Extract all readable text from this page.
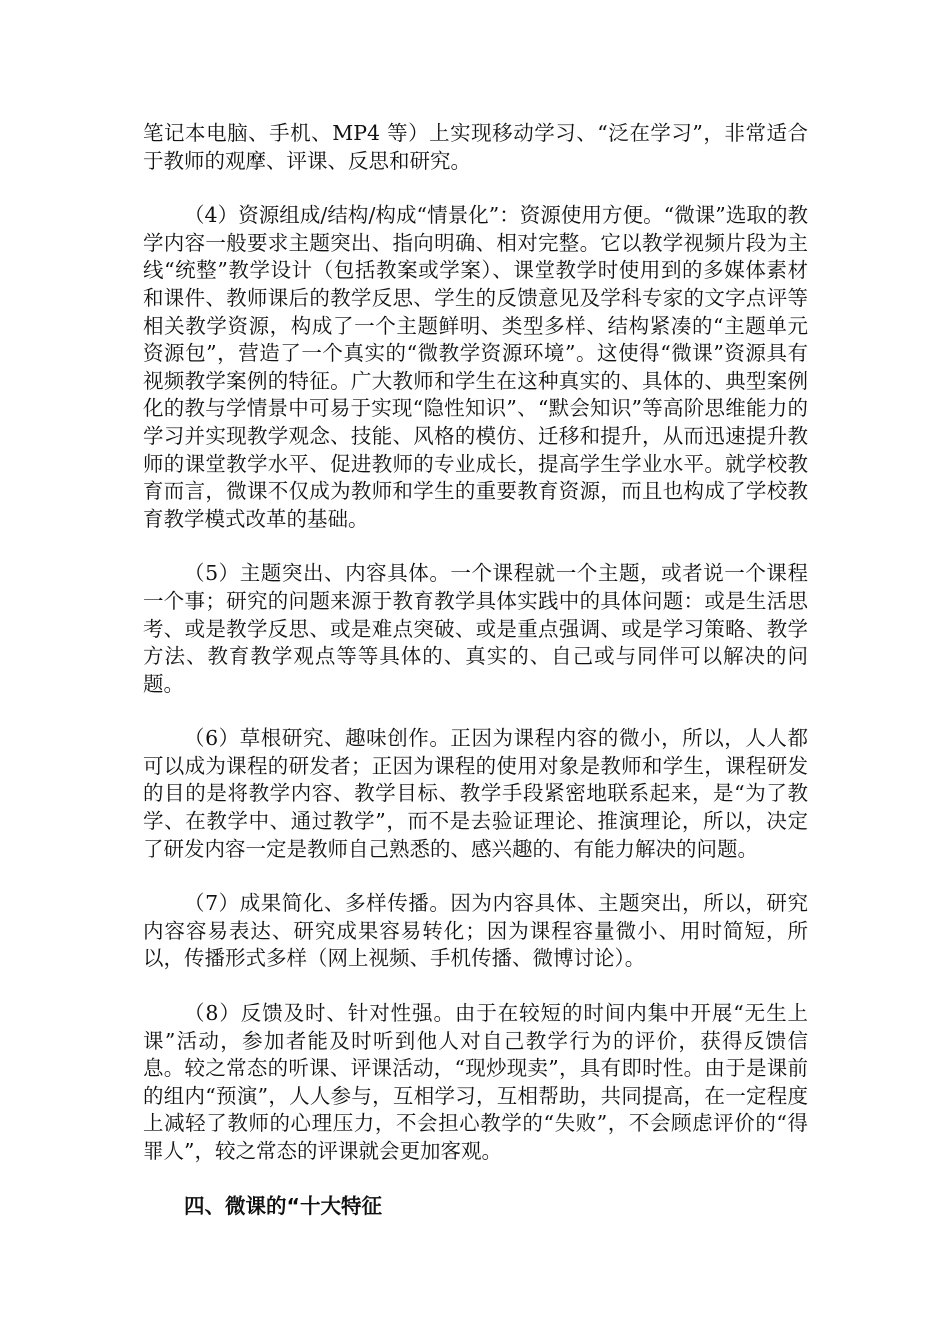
笔记本电脑、手机、MP4 等）上实现移动学习、“泛在学习”，非常适合于教师的观摩、评课、反思和研究。

（4）资源组成/结构/构成“情景化”：资源使用方便。“微课”选取的教学内容一般要求主题突出、指向明确、相对完整。它以教学视频片段为主线“统整”教学设计（包括教案或学案）、课堂教学时使用到的多媒体素材和课件、教师课后的教学反思、学生的反馈意见及学科专家的文字点评等相关教学资源，构成了一个主题鲜明、类型多样、结构紧凑的“主题单元资源包”，营造了一个真实的“微教学资源环境”。这使得“微课”资源具有视频教学案例的特征。广大教师和学生在这种真实的、具体的、典型案例化的教与学情景中可易于实现“隐性知识”、“默会知识”等高阶思维能力的学习并实现教学观念、技能、风格的模仿、迁移和提升，从而迅速提升教师的课堂教学水平、促进教师的专业成长，提高学生学业水平。就学校教育而言，微课不仅成为教师和学生的重要教育资源，而且也构成了学校教育教学模式改革的基础。

（5）主题突出、内容具体。一个课程就一个主题，或者说一个课程一个事；研究的问题来源于教育教学具体实践中的具体问题：或是生活思考、或是教学反思、或是难点突破、或是重点强调、或是学习策略、教学方法、教育教学观点等等具体的、真实的、自己或与同伴可以解决的问题。

（6）草根研究、趣味创作。正因为课程内容的微小，所以，人人都可以成为课程的研发者；正因为课程的使用对象是教师和学生，课程研发的目的是将教学内容、教学目标、教学手段紧密地联系起来，是“为了教学、在教学中、通过教学”，而不是去验证理论、推演理论，所以，决定了研发内容一定是教师自己熟悉的、感兴趣的、有能力解决的问题。

（7）成果简化、多样传播。因为内容具体、主题突出，所以，研究内容容易表达、研究成果容易转化；因为课程容量微小、用时简短，所以，传播形式多样（网上视频、手机传播、微博讨论）。

（8）反馈及时、针对性强。由于在较短的时间内集中开展“无生上课”活动，参加者能及时听到他人对自己教学行为的评价，获得反馈信息。较之常态的听课、评课活动，“现炒现卖”，具有即时性。由于是课前的组内“预演”，人人参与，互相学习，互相帮助，共同提高，在一定程度上减轻了教师的心理压力，不会担心教学的“失败”，不会顾虑评价的“得罪人”，较之常态的评课就会更加客观。

四、微课的“十大特征
